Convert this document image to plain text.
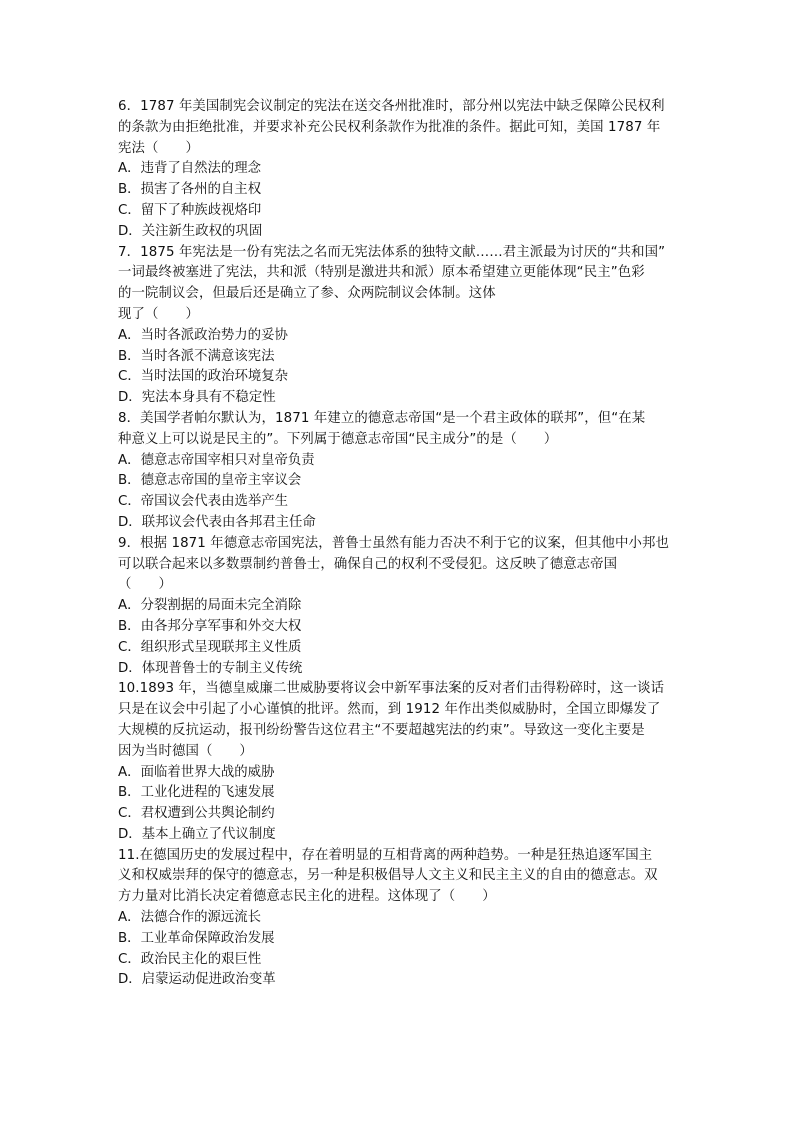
6．1787 年美国制宪会议制定的宪法在送交各州批准时，部分州以宪法中缺乏保障公民权利
的条款为由拒绝批准，并要求补充公民权利条款作为批准的条件。据此可知，美国 1787 年
宪法（　　）

A．违背了自然法的理念
B．损害了各州的自主权
C．留下了种族歧视烙印
D．关注新生政权的巩固

7．1875 年宪法是一份有宪法之名而无宪法体系的独特文献……君主派最为讨厌的“共和国”
一词最终被塞进了宪法，共和派（特别是激进共和派）原本希望建立更能体现“民主”色彩
的一院制议会，但最后还是确立了参、众两院制议会体制。这体
现了（　　）

A．当时各派政治势力的妥协
B．当时各派不满意该宪法
C．当时法国的政治环境复杂
D．宪法本身具有不稳定性

8．美国学者帕尔默认为，1871 年建立的德意志帝国“是一个君主政体的联邦”，但“在某
种意义上可以说是民主的”。下列属于德意志帝国“民主成分”的是（　　）

A．德意志帝国宰相只对皇帝负责
B．德意志帝国的皇帝主宰议会
C．帝国议会代表由选举产生
D．联邦议会代表由各邦君主任命

9．根据 1871 年德意志帝国宪法，普鲁士虽然有能力否决不利于它的议案，但其他中小邦也
可以联合起来以多数票制约普鲁士，确保自己的权利不受侵犯。这反映了德意志帝国
（　　）

A．分裂割据的局面未完全消除
B．由各邦分享军事和外交大权
C．组织形式呈现联邦主义性质
D．体现普鲁士的专制主义传统

10.1893 年，当德皇威廉二世威胁要将议会中新军事法案的反对者们击得粉碎时，这一谈话
只是在议会中引起了小心谨慎的批评。然而，到 1912 年作出类似威胁时，全国立即爆发了
大规模的反抗运动，报刊纷纷警告这位君主“不要超越宪法的约束”。导致这一变化主要是
因为当时德国（　　）

A．面临着世界大战的威胁
B．工业化进程的飞速发展
C．君权遭到公共舆论制约
D．基本上确立了代议制度

11.在德国历史的发展过程中，存在着明显的互相背离的两种趋势。一种是狂热追逐军国主
义和权威崇拜的保守的德意志，另一种是积极倡导人文主义和民主主义的自由的德意志。双
方力量对比消长决定着德意志民主化的进程。这体现了（　　）

A．法德合作的源远流长
B．工业革命保障政治发展
C．政治民主化的艰巨性
D．启蒙运动促进政治变革
